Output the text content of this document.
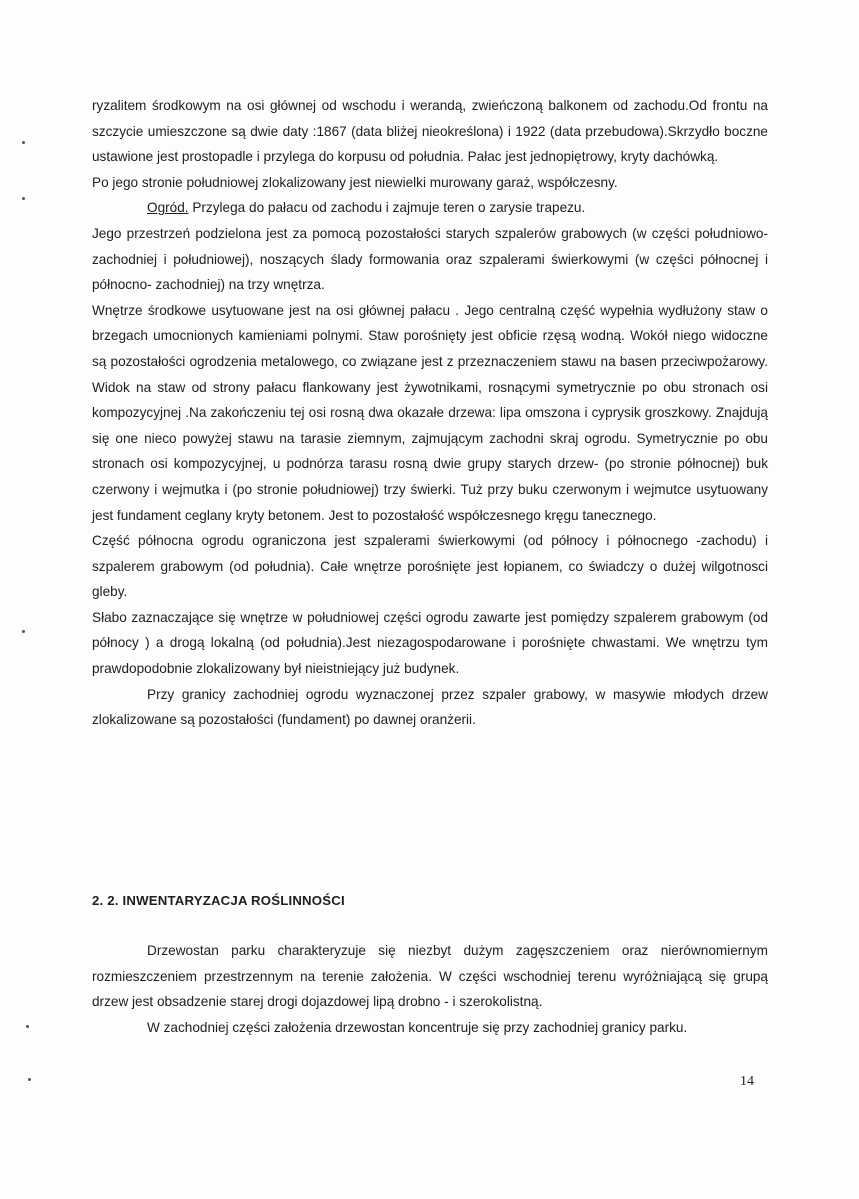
ryzalitem środkowym na osi głównej od wschodu i werandą, zwieńczoną balkonem od zachodu.Od frontu na szczycie umieszczone są dwie daty :1867 (data bliżej nieokreślona) i 1922 (data przebudowa).Skrzydło boczne ustawione jest prostopadle i przylega do korpusu od południa. Pałac jest jednopiętrowy, kryty dachówką.

Po jego stronie południowej zlokalizowany jest niewielki murowany garaż, współczesny.

Ogród. Przylega do pałacu od zachodu i zajmuje teren o zarysie trapezu.

Jego przestrzeń podzielona jest za pomocą pozostałości starych szpalerów grabowych (w części południowo- zachodniej i południowej), noszących ślady formowania oraz szpalerami świerkowymi (w części północnej i północno- zachodniej) na trzy wnętrza.

Wnętrze środkowe usytuowane jest na osi głównej pałacu . Jego centralną część wypełnia wydłużony staw o brzegach umocnionych kamieniami polnymi. Staw porośnięty jest obficie rzęsą wodną. Wokół niego widoczne są pozostałości ogrodzenia metalowego, co związane jest z przeznaczeniem stawu na basen przeciwpożarowy. Widok na staw od strony pałacu flankowany jest żywotnikami, rosnącymi symetrycznie po obu stronach osi kompozycyjnej .Na zakończeniu tej osi rosną dwa okazałe drzewa: lipa omszona i cyprysik groszkowy. Znajdują się one nieco powyżej stawu na tarasie ziemnym, zajmującym zachodni skraj ogrodu. Symetrycznie po obu stronach osi kompozycyjnej, u podnórza tarasu rosną dwie grupy starych drzew- (po stronie północnej) buk czerwony i wejmutka i (po stronie południowej) trzy świerki. Tuż przy buku czerwonym i wejmutce usytuowany jest fundament ceglany kryty betonem. Jest to pozostałość współczesnego kręgu tanecznego.

Część północna ogrodu ograniczona jest szpalerami świerkowymi (od północy i północnego -zachodu) i szpalerem grabowym (od południa). Całe wnętrze porośnięte jest łopianem, co świadczy o dużej wilgotnosci gleby.

Słabo zaznaczające się wnętrze w południowej części ogrodu zawarte jest pomiędzy szpalerem grabowym (od północy ) a drogą lokalną (od południa).Jest niezagospodarowane i porośnięte chwastami. We wnętrzu tym prawdopodobnie zlokalizowany był nieistniejący już budynek.

Przy granicy zachodniej ogrodu wyznaczonej przez szpaler grabowy, w masywie młodych drzew zlokalizowane są pozostałości (fundament) po dawnej oranżerii.

2. 2. INWENTARYZACJA ROŚLINNOŚCI

Drzewostan parku charakteryzuje się niezbyt dużym zagęszczeniem oraz nierównomiernym rozmieszczeniem przestrzennym na terenie założenia. W części wschodniej terenu wyróżniającą się grupą drzew jest obsadzenie starej drogi dojazdowej lipą drobno - i szerokolistną.

W zachodniej części założenia drzewostan koncentruje się przy zachodniej granicy parku.

14
